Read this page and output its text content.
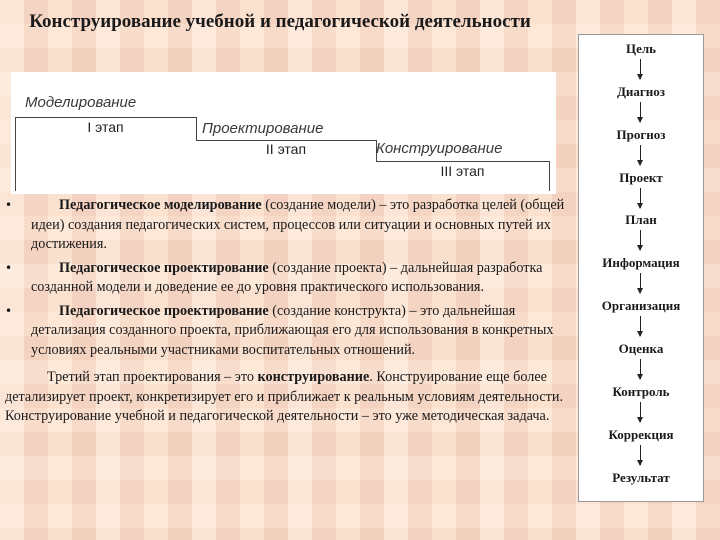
Конструирование учебной и педагогической деятельности
Моделирование
I этап	Проектирование
II этап	Конструирование
III этап
•	Педагогическое моделирование (создание модели) – это разработка целей (общей идеи) создания педагогических систем, процессов или ситуации и основных путей их достижения.
•	Педагогическое проектирование (создание проекта) – дальнейшая разработка созданной модели и доведение ее до уровня практического использования.
•	Педагогическое проектирование (создание конструкта) – это дальнейшая детализация созданного проекта, приближающая его для использования в конкретных условиях реальными участниками воспитательных отношений.

Третий этап проектирования – это конструирование. Конструирование еще более детализирует проект, конкретизирует его и приближает к реальным условиям деятельности. Конструирование учебной и педагогической деятельности – это уже методическая задача.

Цель
Диагноз
Прогноз
Проект
План
Информация
Организация
Оценка
Контроль
Коррекция
Результат
